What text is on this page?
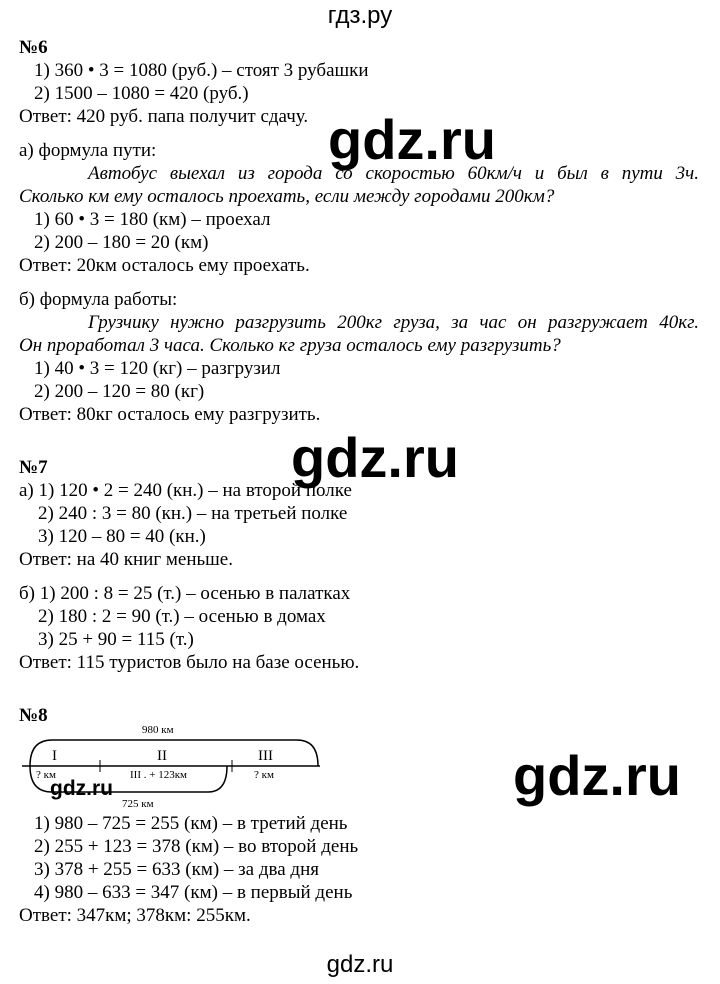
гдз.ру
№6
1) 360 • 3 = 1080 (руб.) – стоят 3 рубашки
2) 1500 – 1080 = 420 (руб.)
Ответ: 420 руб. папа получит сдачу.
а) формула пути:
Автобус выехал из города со скоростью 60км/ч и был в пути 3ч.
Сколько км ему осталось проехать, если между городами 200км?
1) 60 • 3 = 180 (км) – проехал
2) 200 – 180 = 20 (км)
Ответ: 20км осталось ему проехать.
б) формула работы:
Грузчику нужно разгрузить 200кг груза, за час он разгружает 40кг.
Он проработал 3 часа. Сколько кг груза осталось ему разгрузить?
1) 40 • 3 = 120 (кг) – разгрузил
2) 200 – 120 = 80 (кг)
Ответ: 80кг осталось ему разгрузить.
№7
а) 1) 120 • 2 = 240 (кн.) – на второй полке
2) 240 : 3 = 80 (кн.) – на третьей полке
3) 120 – 80 = 40 (кн.)
Ответ: на 40 книг меньше.
б) 1) 200 : 8 = 25 (т.) – осенью в палатках
2) 180 : 2 = 90 (т.) – осенью в домах
3) 25 + 90 = 115 (т.)
Ответ: 115 туристов было на базе осенью.
№8
980 км
I	II	III
? км	III . + 123км	? км
725 км
1) 980 – 725 = 255 (км) – в третий день
2) 255 + 123 = 378 (км) – во второй день
3) 378 + 255 = 633 (км) – за два дня
4) 980 – 633 = 347 (км) – в первый день
Ответ: 347км; 378км: 255км.
gdz.ru
gdz.ru
gdz.ru
gdz.ru
gdz.ru
